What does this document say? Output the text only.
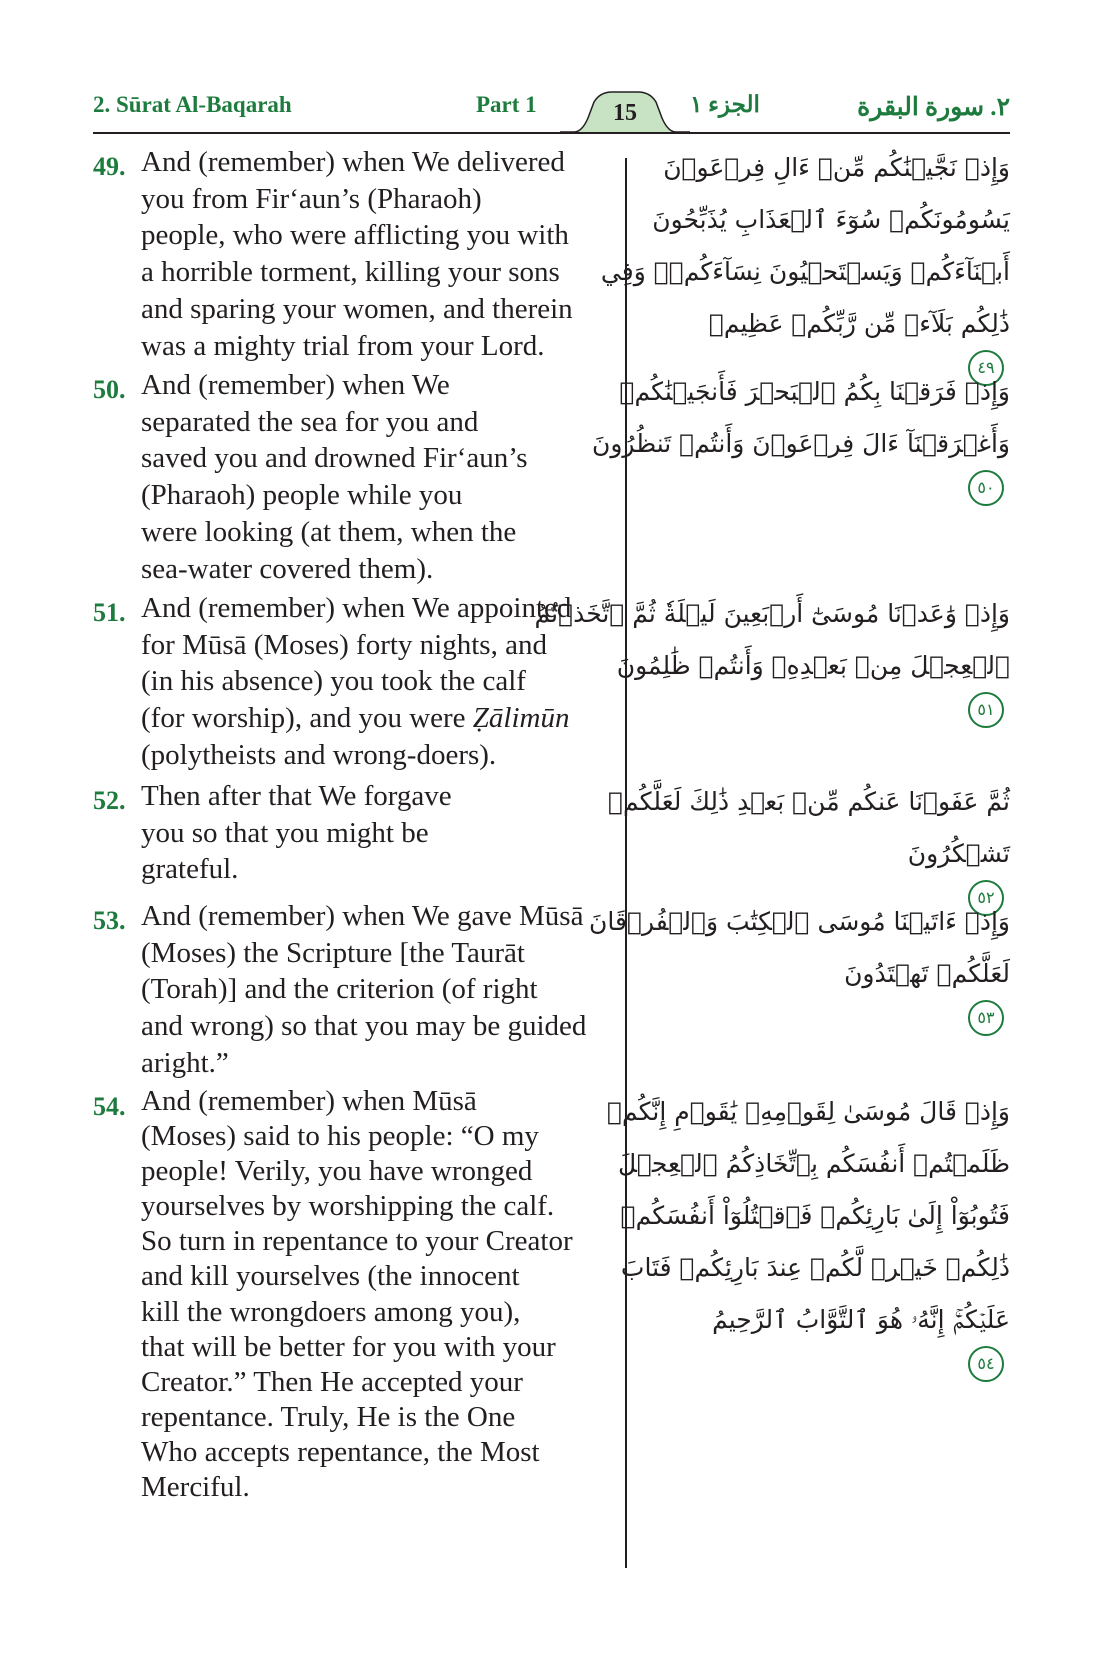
2. Sūrat Al-Baqarah	Part 1	15	الجزء ١	٢. سورة البقرة
49. And (remember) when We delivered
you from Fir‘aun’s (Pharaoh)
people, who were afflicting you with
a horrible torment, killing your sons
and sparing your women, and therein
was a mighty trial from your Lord.
وَإِذۡ نَجَّيۡنَٰكُم مِّنۡ ءَالِ فِرۡعَوۡنَ
يَسُومُونَكُمۡ سُوٓءَ ٱلۡعَذَابِ يُذَبِّحُونَ
أَبۡنَآءَكُمۡ وَيَسۡتَحۡيُونَ نِسَآءَكُمۡۚ وَفِي
ذَٰلِكُم بَلَآءٞ مِّن رَّبِّكُمۡ عَظِيمٞ
٤٩
50. And (remember) when We
separated the sea for you and
saved you and drowned Fir‘aun’s
(Pharaoh) people while you
were looking (at them, when the
sea-water covered them).
وَإِذۡ فَرَقۡنَا بِكُمُ ٱلۡبَحۡرَ فَأَنجَيۡنَٰكُمۡ
وَأَغۡرَقۡنَآ ءَالَ فِرۡعَوۡنَ وَأَنتُمۡ تَنظُرُونَ
٥٠
51. And (remember) when We appointed
for Mūsā (Moses) forty nights, and
(in his absence) you took the calf
(for worship), and you were Ẓālimūn
(polytheists and wrong-doers).
وَإِذۡ وَٰعَدۡنَا مُوسَىٰٓ أَرۡبَعِينَ لَيۡلَةٗ ثُمَّ ٱتَّخَذۡتُمُ
ٱلۡعِجۡلَ مِنۢ بَعۡدِهِۦ وَأَنتُمۡ ظَٰلِمُونَ
٥١
52. Then after that We forgave
you so that you might be
grateful.
ثُمَّ عَفَوۡنَا عَنكُم مِّنۢ بَعۡدِ ذَٰلِكَ لَعَلَّكُمۡ
تَشۡكُرُونَ
٥٢
53. And (remember) when We gave Mūsā
(Moses) the Scripture [the Taurāt
(Torah)] and the criterion (of right
and wrong) so that you may be guided
aright.”
وَإِذۡ ءَاتَيۡنَا مُوسَى ٱلۡكِتَٰبَ وَٱلۡفُرۡقَانَ
لَعَلَّكُمۡ تَهۡتَدُونَ
٥٣
54. And (remember) when Mūsā
(Moses) said to his people: “O my
people! Verily, you have wronged
yourselves by worshipping the calf.
So turn in repentance to your Creator
and kill yourselves (the innocent
kill the wrongdoers among you),
that will be better for you with your
Creator.” Then He accepted your
repentance. Truly, He is the One
Who accepts repentance, the Most
Merciful.
وَإِذۡ قَالَ مُوسَىٰ لِقَوۡمِهِۦ يَٰقَوۡمِ إِنَّكُمۡ
ظَلَمۡتُمۡ أَنفُسَكُم بِٱتِّخَاذِكُمُ ٱلۡعِجۡلَ
فَتُوبُوٓاْ إِلَىٰ بَارِئِكُمۡ فَٱقۡتُلُوٓاْ أَنفُسَكُمۡ
ذَٰلِكُمۡ خَيۡرٞ لَّكُمۡ عِندَ بَارِئِكُمۡ فَتَابَ
عَلَيۡكُمۡۚ إِنَّهُۥ هُوَ ٱلتَّوَّابُ ٱلرَّحِيمُ
٥٤
